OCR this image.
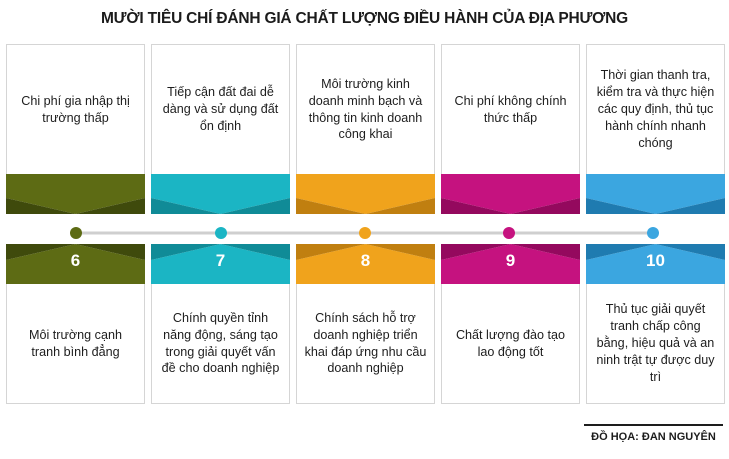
MƯỜI TIÊU CHÍ ĐÁNH GIÁ CHẤT LƯỢNG ĐIỀU HÀNH CỦA ĐỊA PHƯƠNG
Chi phí gia nhập thị trường thấp
1
Tiếp cận đất đai dễ dàng và sử dụng đất ổn định
2
Môi trường kinh doanh minh bạch và thông tin kinh doanh công khai
3
Chi phí không chính thức thấp
4
Thời gian thanh tra, kiểm tra và thực hiện các quy định, thủ tục hành chính nhanh chóng
5
6
Môi trường cạnh tranh bình đẳng
7
Chính quyền tỉnh năng động, sáng tạo trong giải quyết vấn đề cho doanh nghiệp
8
Chính sách hỗ trợ doanh nghiệp triển khai đáp ứng nhu cầu doanh nghiệp
9
Chất lượng đào tạo lao động tốt
10
Thủ tục giải quyết tranh chấp công bằng, hiệu quả và an ninh trật tự được duy trì
ĐỒ HỌA: ĐAN NGUYÊN
